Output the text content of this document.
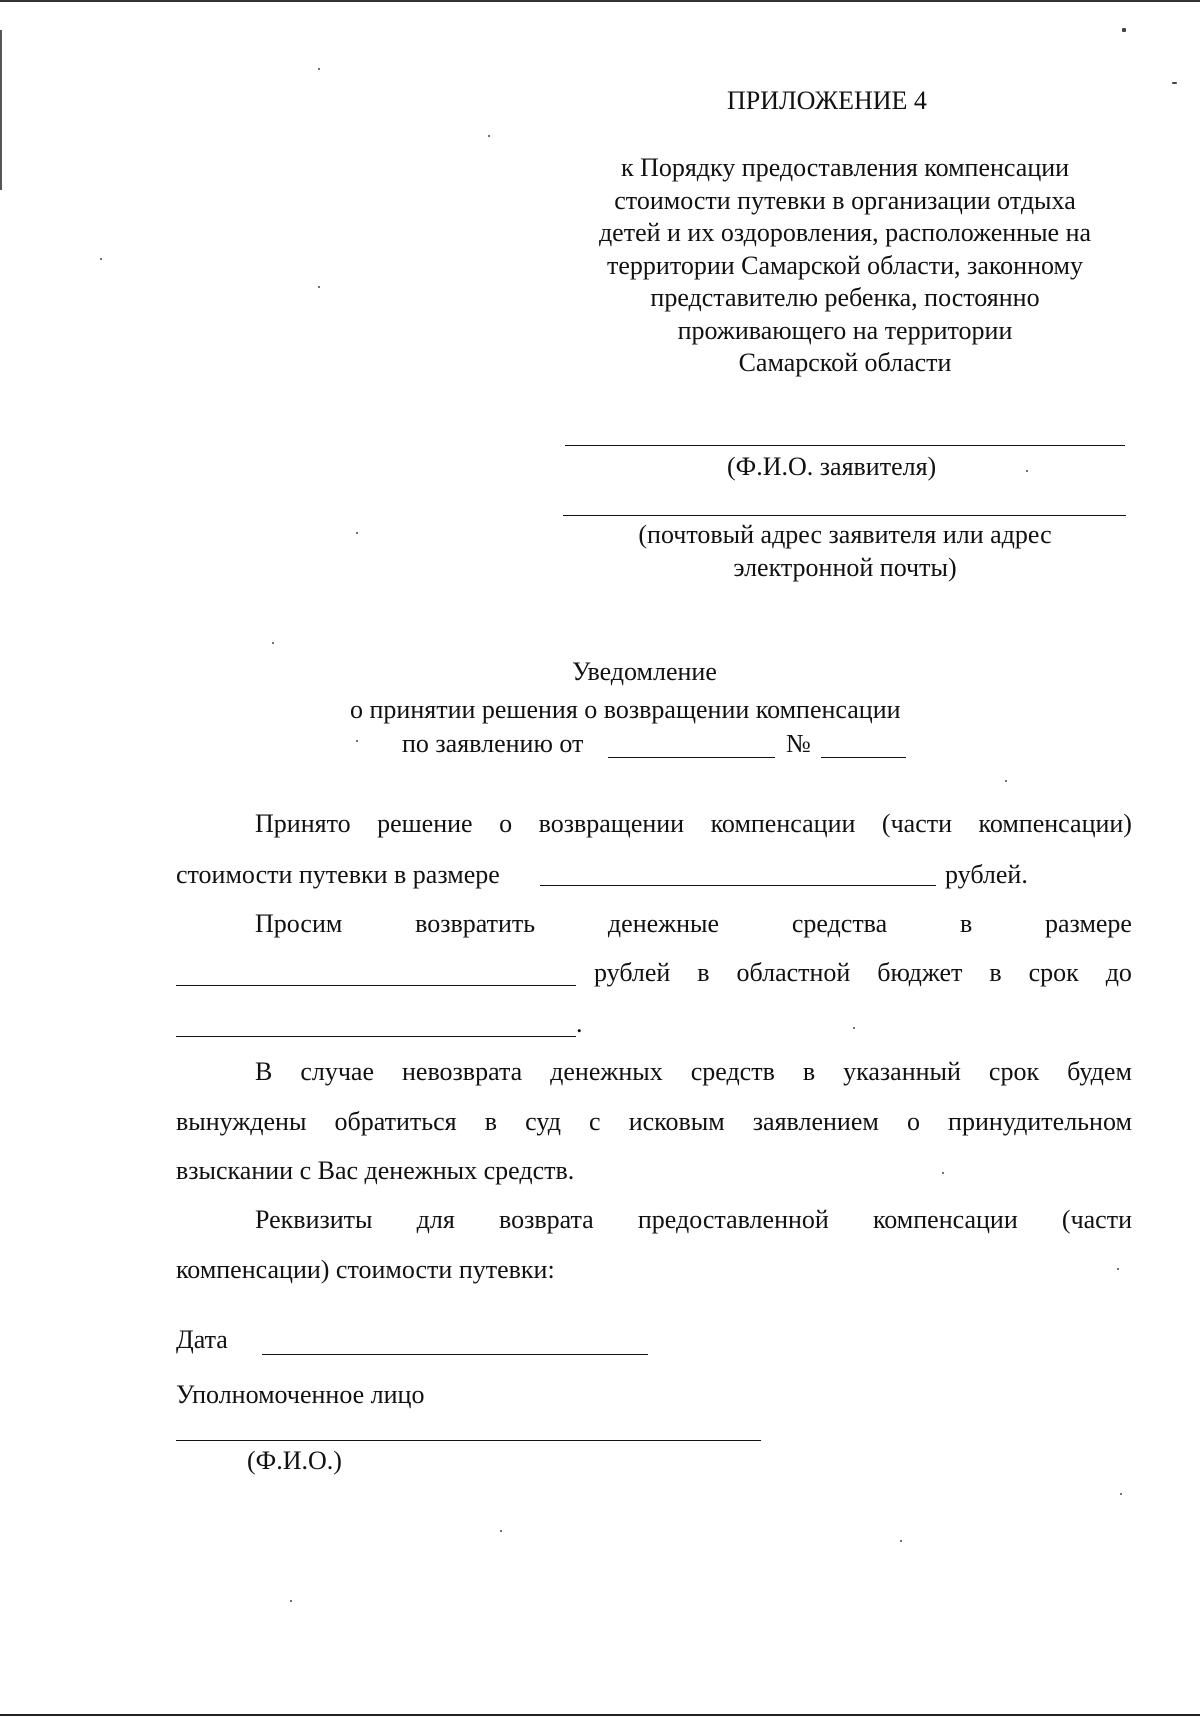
ПРИЛОЖЕНИЕ 4
к Порядку предоставления компенсации
стоимости путевки в организации отдыха
детей и их оздоровления, расположенные на
территории Самарской области, законному
представителю ребенка, постоянно
проживающего на территории
Самарской области
(Ф.И.О. заявителя)
(почтовый адрес заявителя или адрес
электронной почты)
Уведомление
о принятии решения о возвращении компенсации
по заявлению от	№
Принято решение о возвращении компенсации (части компенсации)
стоимости путевки в размере	рублей.
Просим	возвратить	денежные	средства	в	размере
рублей в областной бюджет в срок до
.
В случае невозврата денежных средств в указанный срок будем
вынуждены обратиться в суд с исковым заявлением о принудительном
взыскании с Вас денежных средств.
Реквизиты для возврата предоставленной компенсации (части
компенсации) стоимости путевки:
Дата
Уполномоченное лицо
(Ф.И.О.)
